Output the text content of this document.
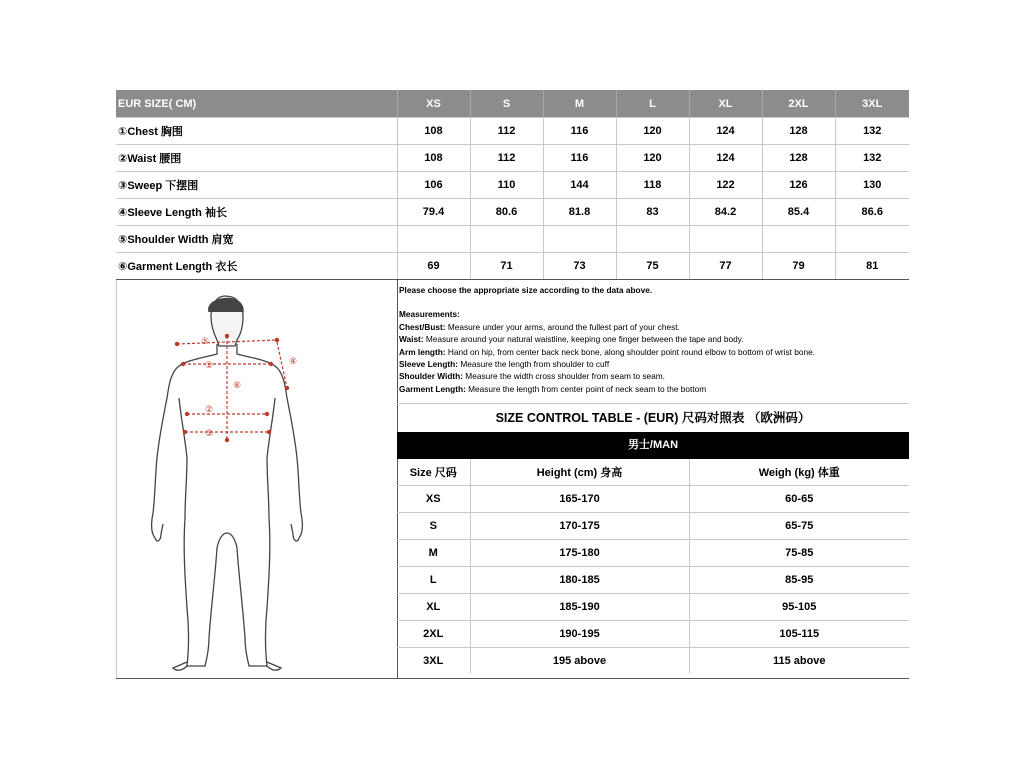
EUR SIZE( CM)	XS	S	M	L	XL	2XL	3XL
①Chest 胸围	108	112	116	120	124	128	132
②Waist 腰围	108	112	116	120	124	128	132
③Sweep 下摆围	106	110	144	118	122	126	130
④Sleeve Length 袖长	79.4	80.6	81.8	83	84.2	85.4	86.6
⑤Shoulder Width 肩宽							
⑥Garment Length 衣长	69	71	73	75	77	79	81
⑤
①
②
③
④
⑥
Please choose the appropriate size according to the data above.
Measurements:
Chest/Bust: Measure under your arms, around the fullest part of your chest.
Waist: Measure around your natural waistline, keeping one finger between the tape and body.
Arm length: Hand on hip, from center back neck bone, along shoulder point round elbow to bottom of wrist bone.
Sleeve Length: Measure the length from shoulder to cuff
Shoulder Width: Measure the width cross shoulder from seam to seam.
Garment Length: Measure the length from center point of neck seam to the bottom
SIZE CONTROL TABLE - (EUR) 尺码对照表 （欧洲码）
男士/MAN
Size 尺码	Height (cm) 身高	Weigh (kg) 体重
XS	165-170	60-65
S	170-175	65-75
M	175-180	75-85
L	180-185	85-95
XL	185-190	95-105
2XL	190-195	105-115
3XL	195 above	115 above
